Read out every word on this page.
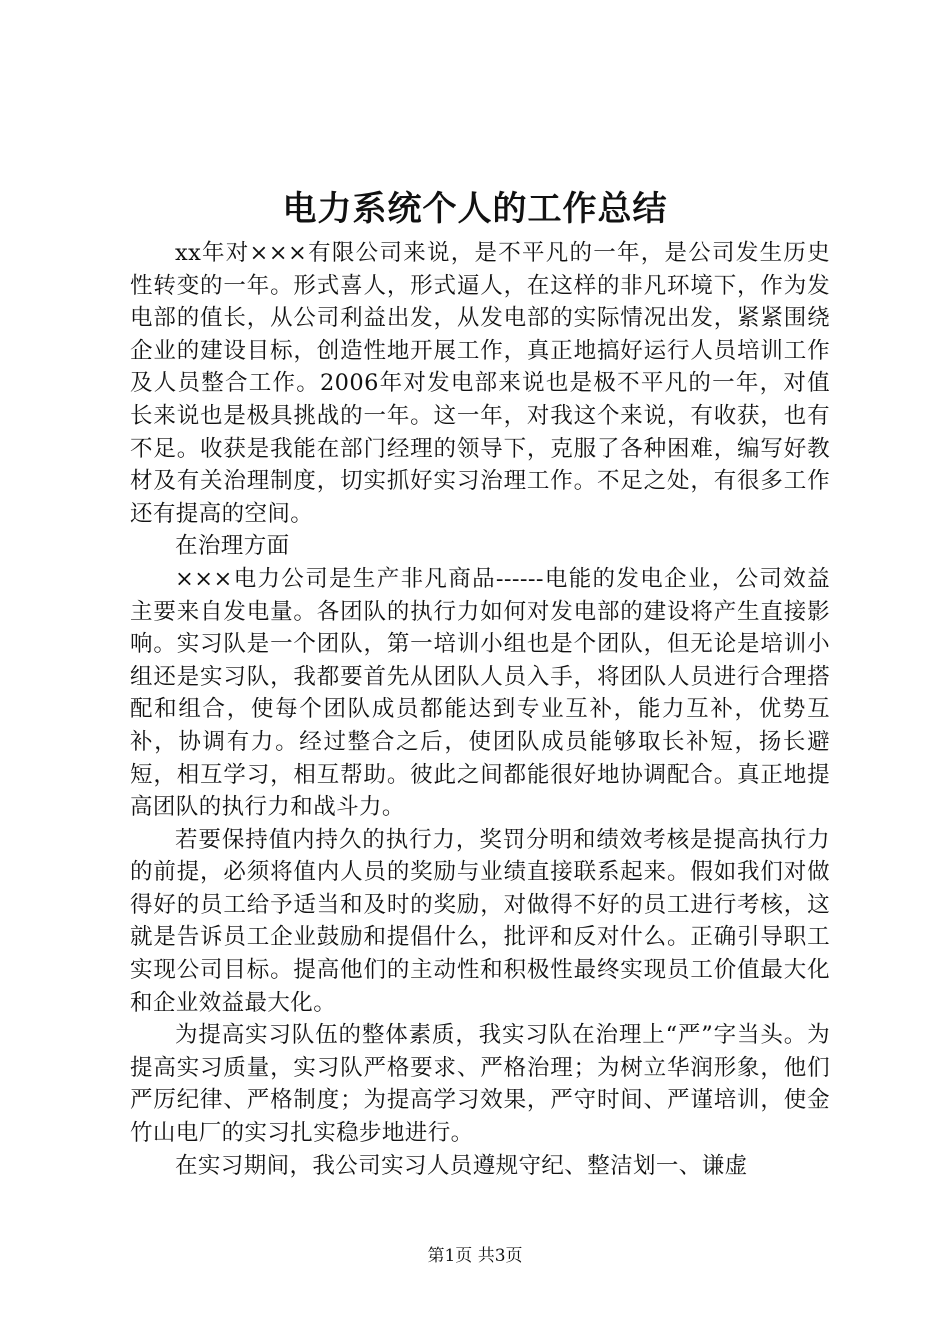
电力系统个人的工作总结

xx年对×××有限公司来说，是不平凡的一年，是公司发生历史性转变的一年。形式喜人，形式逼人，在这样的非凡环境下，作为发电部的值长，从公司利益出发，从发电部的实际情况出发，紧紧围绕企业的建设目标，创造性地开展工作，真正地搞好运行人员培训工作及人员整合工作。2006年对发电部来说也是极不平凡的一年，对值长来说也是极具挑战的一年。这一年，对我这个来说，有收获，也有不足。收获是我能在部门经理的领导下，克服了各种困难，编写好教材及有关治理制度，切实抓好实习治理工作。不足之处，有很多工作还有提高的空间。

在治理方面

×××电力公司是生产非凡商品------电能的发电企业，公司效益主要来自发电量。各团队的执行力如何对发电部的建设将产生直接影响。实习队是一个团队，第一培训小组也是个团队，但无论是培训小组还是实习队，我都要首先从团队人员入手，将团队人员进行合理搭配和组合，使每个团队成员都能达到专业互补，能力互补，优势互补，协调有力。经过整合之后，使团队成员能够取长补短，扬长避短，相互学习，相互帮助。彼此之间都能很好地协调配合。真正地提高团队的执行力和战斗力。

若要保持值内持久的执行力，奖罚分明和绩效考核是提高执行力的前提，必须将值内人员的奖励与业绩直接联系起来。假如我们对做得好的员工给予适当和及时的奖励，对做得不好的员工进行考核，这就是告诉员工企业鼓励和提倡什么，批评和反对什么。正确引导职工实现公司目标。提高他们的主动性和积极性最终实现员工价值最大化和企业效益最大化。

为提高实习队伍的整体素质，我实习队在治理上“严”字当头。为提高实习质量，实习队严格要求、严格治理；为树立华润形象，他们严厉纪律、严格制度；为提高学习效果，严守时间、严谨培训，使金竹山电厂的实习扎实稳步地进行。

在实习期间，我公司实习人员遵规守纪、整洁划一、谦虚

第1页 共3页
